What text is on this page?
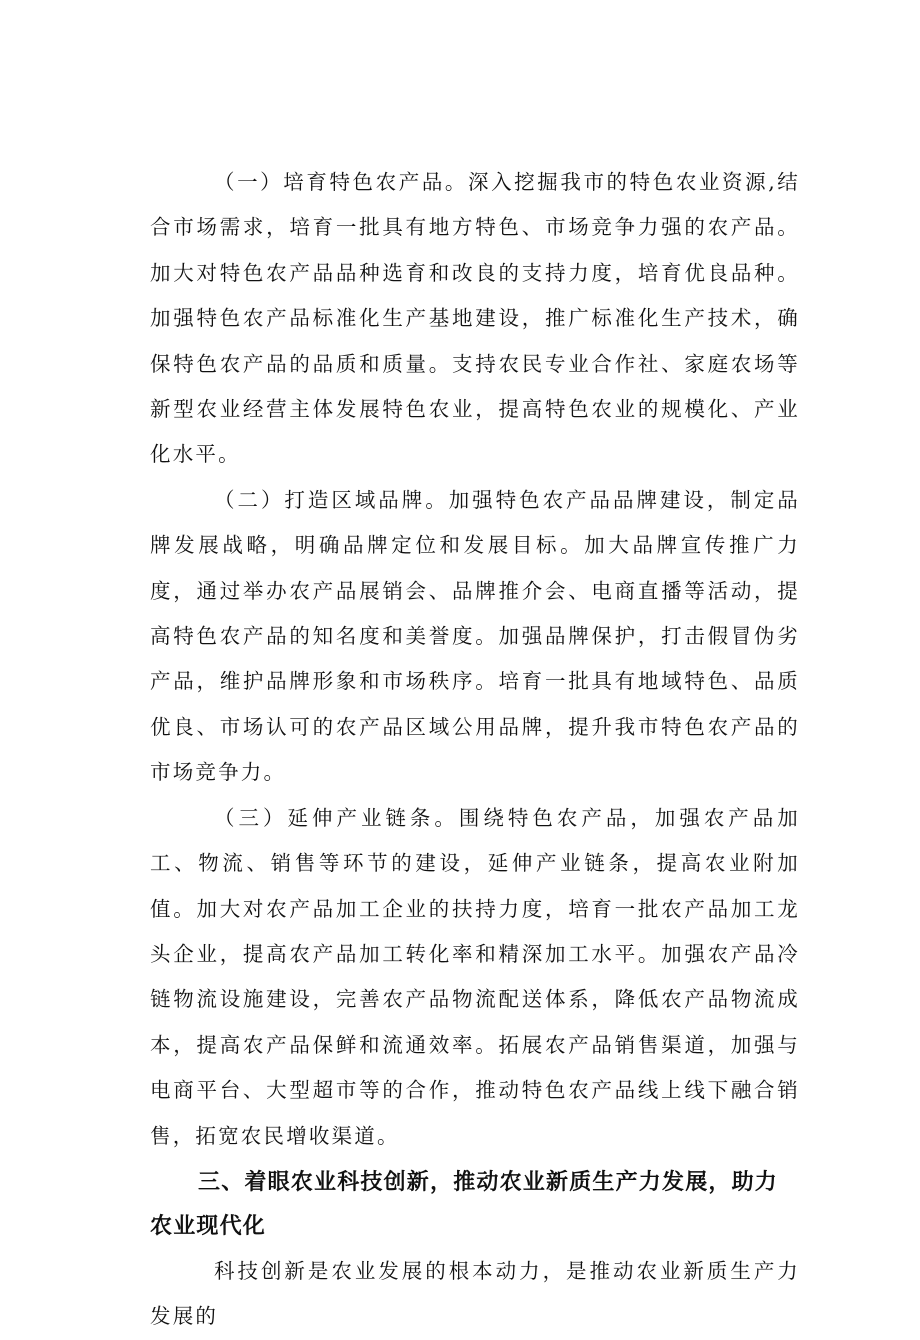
（一）培育特色农产品。深入挖掘我市的特色农业资源,结合市场需求，培育一批具有地方特色、市场竞争力强的农产品。加大对特色农产品品种选育和改良的支持力度，培育优良品种。加强特色农产品标准化生产基地建设，推广标准化生产技术，确保特色农产品的品质和质量。支持农民专业合作社、家庭农场等新型农业经营主体发展特色农业，提高特色农业的规模化、产业化水平。

（二）打造区域品牌。加强特色农产品品牌建设，制定品牌发展战略，明确品牌定位和发展目标。加大品牌宣传推广力度，通过举办农产品展销会、品牌推介会、电商直播等活动，提高特色农产品的知名度和美誉度。加强品牌保护，打击假冒伪劣产品，维护品牌形象和市场秩序。培育一批具有地域特色、品质优良、市场认可的农产品区域公用品牌，提升我市特色农产品的市场竞争力。

（三）延伸产业链条。围绕特色农产品，加强农产品加工、物流、销售等环节的建设，延伸产业链条，提高农业附加值。加大对农产品加工企业的扶持力度，培育一批农产品加工龙头企业，提高农产品加工转化率和精深加工水平。加强农产品冷链物流设施建设，完善农产品物流配送体系，降低农产品物流成本，提高农产品保鲜和流通效率。拓展农产品销售渠道，加强与电商平台、大型超市等的合作，推动特色农产品线上线下融合销售，拓宽农民增收渠道。

三、着眼农业科技创新，推动农业新质生产力发展，助力农业现代化

科技创新是农业发展的根本动力，是推动农业新质生产力发展的
